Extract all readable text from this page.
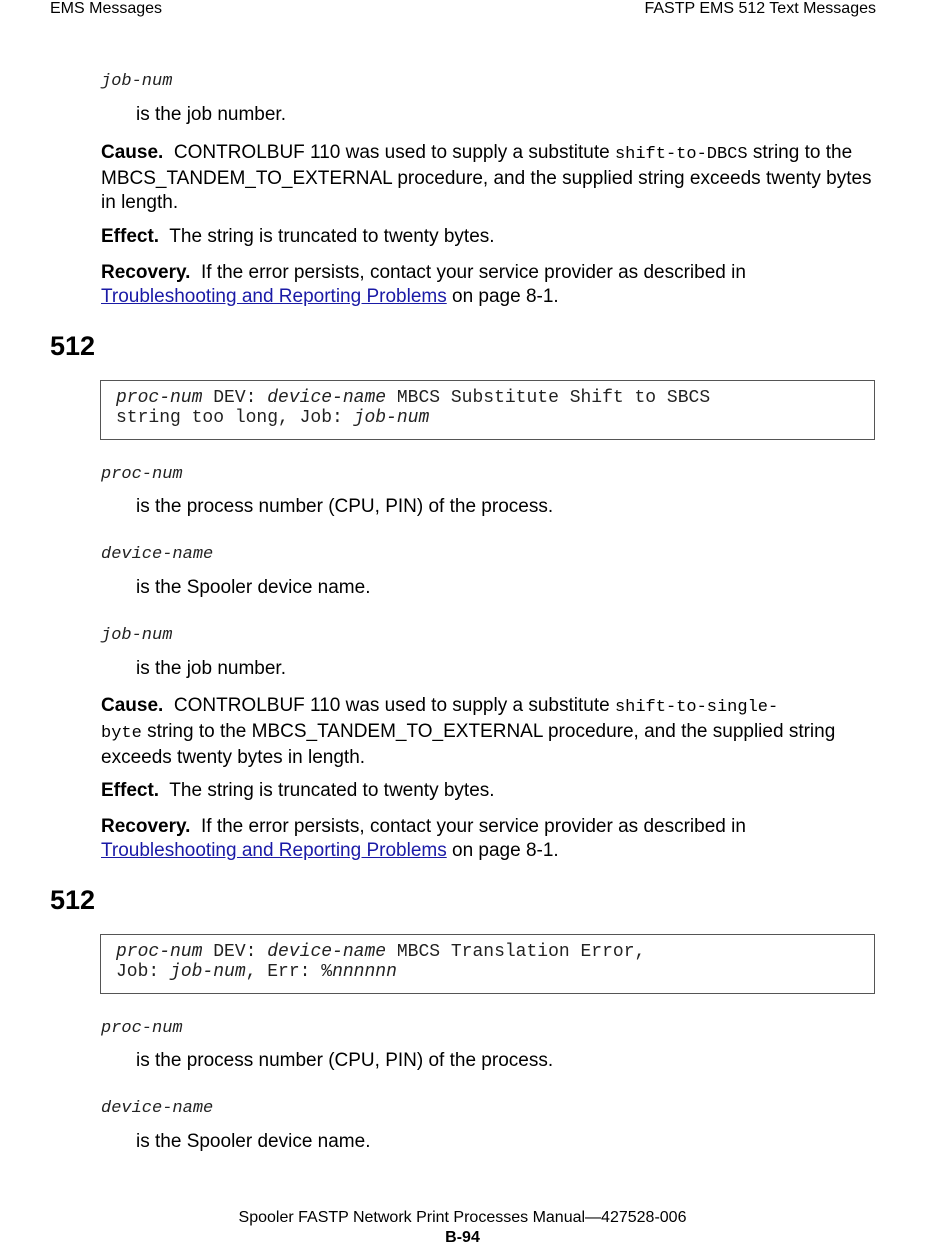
EMS Messages	FASTP EMS 512 Text Messages
job-num
is the job number.
Cause. CONTROLBUF 110 was used to supply a substitute shift-to-DBCS string to the MBCS_TANDEM_TO_EXTERNAL procedure, and the supplied string exceeds twenty bytes in length.
Effect. The string is truncated to twenty bytes.
Recovery. If the error persists, contact your service provider as described in Troubleshooting and Reporting Problems on page 8-1.
512
proc-num DEV: device-name MBCS Substitute Shift to SBCS
string too long, Job: job-num
proc-num
is the process number (CPU, PIN) of the process.
device-name
is the Spooler device name.
job-num
is the job number.
Cause. CONTROLBUF 110 was used to supply a substitute shift-to-single-
byte string to the MBCS_TANDEM_TO_EXTERNAL procedure, and the supplied string exceeds twenty bytes in length.
Effect. The string is truncated to twenty bytes.
Recovery. If the error persists, contact your service provider as described in Troubleshooting and Reporting Problems on page 8-1.
512
proc-num DEV: device-name MBCS Translation Error,
Job: job-num, Err: %nnnnnn
proc-num
is the process number (CPU, PIN) of the process.
device-name
is the Spooler device name.
Spooler FASTP Network Print Processes Manual—427528-006
B-94
